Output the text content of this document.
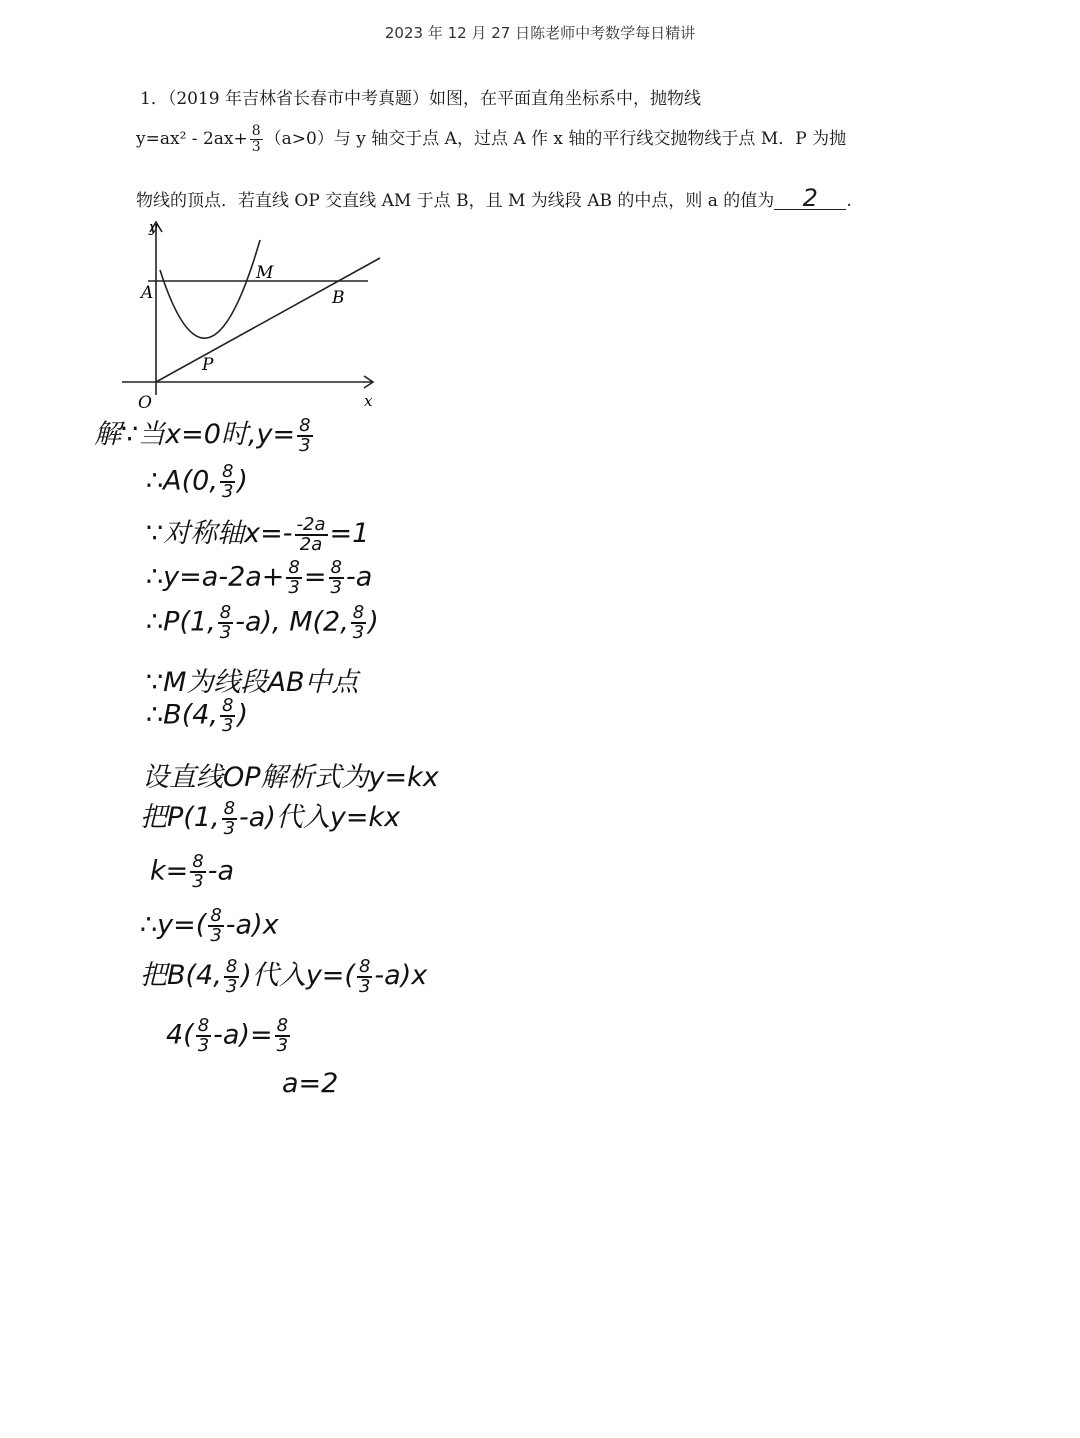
2023 年 12 月 27 日陈老师中考数学每日精讲
1．（2019 年吉林省长春市中考真题）如图，在平面直角坐标系中，抛物线
$y=ax^2 - 2ax+ \frac{8}{3} (a>0)$与 y 轴交于点 A，过点 A 作 x 轴的平行线交抛物线于点 M．P 为抛
物线的顶点．若直线 OP 交直线 AM 于点 B，且 M 为线段 AB 的中点，则 a 的值为 2 .
y
x
O
A
M
B
P
解∵当x=0时$,y= \frac{8}{3}$
∴A(0, $\frac{8}{3}$ )
∵对称轴$x=- \frac{-2a}{2a} =1$
∴y=a-2a+ $\frac{8}{3} = \frac{8}{3} -a$
∴P(1, $\frac{8}{3} -a$), M(2, $\frac{8}{3}$ )
∵M为线段AB中点
∴B(4, $\frac{8}{3}$ )
设直线OP解析式为y=kx
把P(1, $\frac{8}{3} -a$)代入y=kx
$k= \frac{8}{3} -a$
∴y=( $\frac{8}{3} -a)x$
把B(4, $\frac{8}{3}$ )代入$y=( \frac{8}{3} -a)x$
$4( \frac{8}{3} -a)= \frac{8}{3}$
a=2
